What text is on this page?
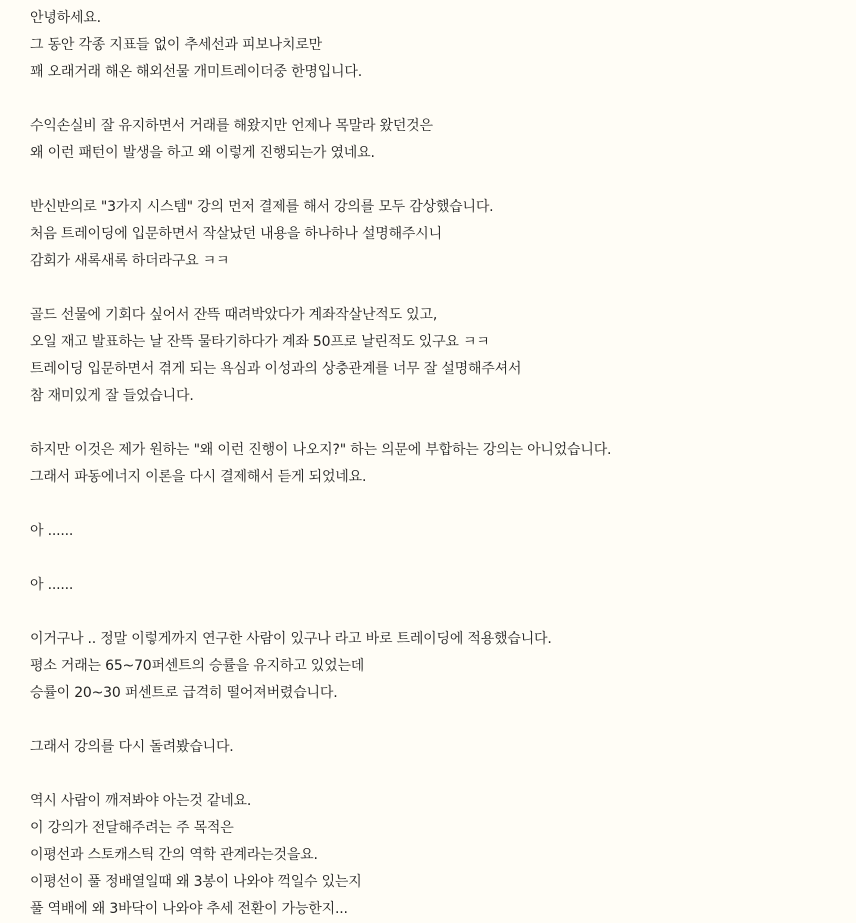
안녕하세요.
그 동안 각종 지표들 없이 추세선과 피보나치로만
꽤 오래거래 해온 해외선물 개미트레이더중 한명입니다.
수익손실비 잘 유지하면서 거래를 해왔지만 언제나 목말라 왔던것은
왜 이런 패턴이 발생을 하고 왜 이렇게 진행되는가 였네요.
반신반의로 "3가지 시스템" 강의 먼저 결제를 해서 강의를 모두 감상했습니다.
처음 트레이딩에 입문하면서 작살났던 내용을 하나하나 설명해주시니
감회가 새록새록 하더라구요 ㅋㅋ
골드 선물에 기회다 싶어서 잔뜩 때려박았다가 계좌작살난적도 있고,
오일 재고 발표하는 날 잔뜩 물타기하다가 계좌 50프로 날린적도 있구요 ㅋㅋ
트레이딩 입문하면서 겪게 되는 욕심과 이성과의 상충관계를 너무 잘 설명해주셔서
참 재미있게 잘 들었습니다.
하지만 이것은 제가 원하는 "왜 이런 진행이 나오지?" 하는 의문에 부합하는 강의는 아니었습니다.
그래서 파동에너지 이론을 다시 결제해서 듣게 되었네요.
아 ......
아 ......
이거구나 .. 정말 이렇게까지 연구한 사람이 있구나 라고 바로 트레이딩에 적용했습니다.
평소 거래는 65~70퍼센트의 승률을 유지하고 있었는데
승률이 20~30 퍼센트로 급격히 떨어져버렸습니다.
그래서 강의를 다시 돌려봤습니다.
역시 사람이 깨져봐야 아는것 같네요.
이 강의가 전달해주려는 주 목적은
이평선과 스토캐스틱 간의 역학 관계라는것을요.
이평선이 풀 정배열일때 왜 3봉이 나와야 꺽일수 있는지
풀 역배에 왜 3바닥이 나와야 추세 전환이 가능한지...
